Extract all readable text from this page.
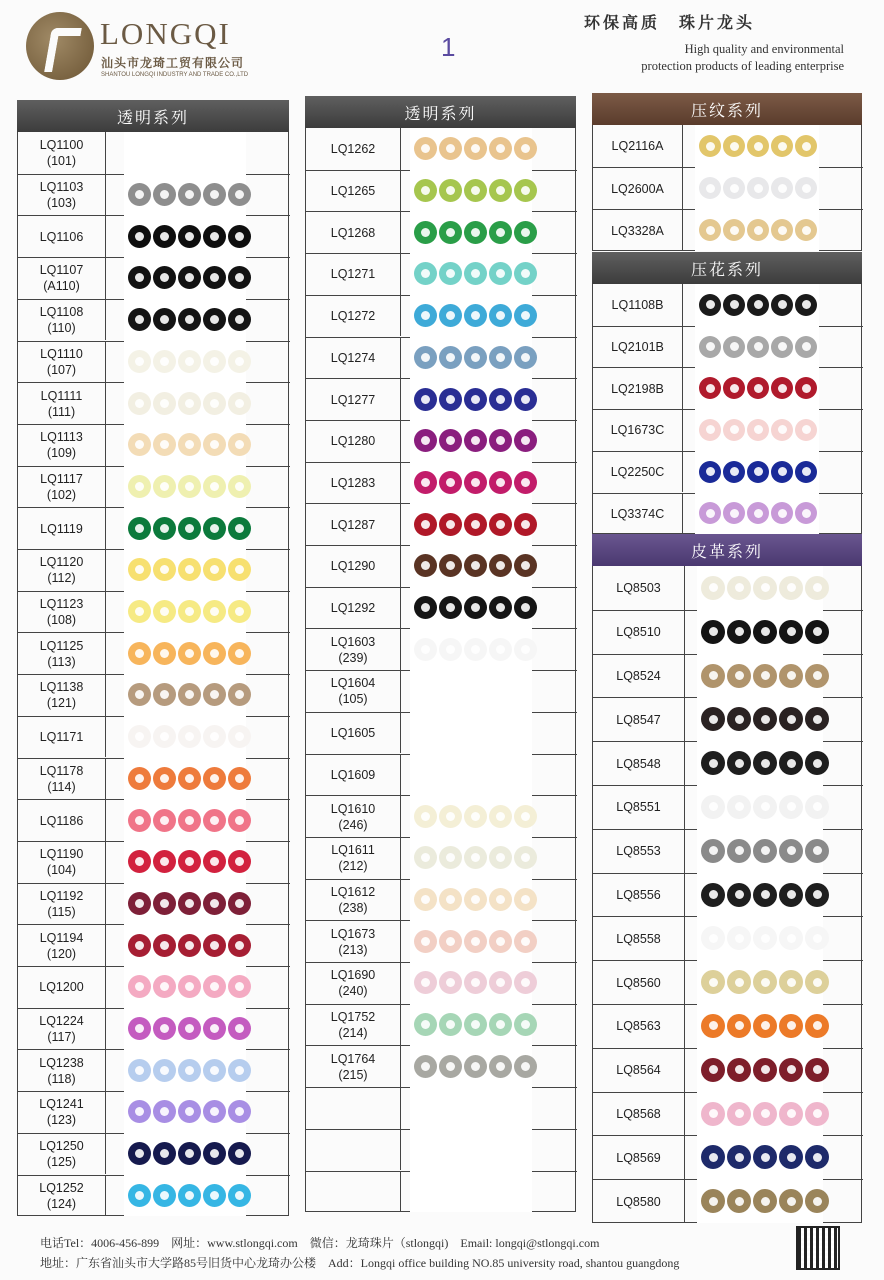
LONGQI
汕头市龙琦工贸有限公司
SHANTOU LONGQI INDUSTRY AND TRADE CO.,LTD
1
环保高质　珠片龙头
High quality and environmental
protection products of leading enterprise
透明系列
LQ1100
(101)
LQ1103
(103)
LQ1106
LQ1107
(A110)
LQ1108
(110)
LQ1110
(107)
LQ1111
(111)
LQ1113
(109)
LQ1117
(102)
LQ1119
LQ1120
(112)
LQ1123
(108)
LQ1125
(113)
LQ1138
(121)
LQ1171
LQ1178
(114)
LQ1186
LQ1190
(104)
LQ1192
(115)
LQ1194
(120)
LQ1200
LQ1224
(117)
LQ1238
(118)
LQ1241
(123)
LQ1250
(125)
LQ1252
(124)
透明系列
LQ1262
LQ1265
LQ1268
LQ1271
LQ1272
LQ1274
LQ1277
LQ1280
LQ1283
LQ1287
LQ1290
LQ1292
LQ1603
(239)
LQ1604
(105)
LQ1605
LQ1609
LQ1610
(246)
LQ1611
(212)
LQ1612
(238)
LQ1673
(213)
LQ1690
(240)
LQ1752
(214)
LQ1764
(215)
压纹系列
LQ2116A
LQ2600A
LQ3328A
压花系列
LQ1108B
LQ2101B
LQ2198B
LQ1673C
LQ2250C
LQ3374C
皮革系列
LQ8503
LQ8510
LQ8524
LQ8547
LQ8548
LQ8551
LQ8553
LQ8556
LQ8558
LQ8560
LQ8563
LQ8564
LQ8568
LQ8569
LQ8580
电话Tel：4006-456-899　网址：www.stlongqi.com　微信：龙琦珠片（stlongqi)　Email: longqi@stlongqi.com
地址：广东省汕头市大学路85号旧货中心龙琦办公楼　Add：Longqi office building NO.85 university road, shantou guangdong
